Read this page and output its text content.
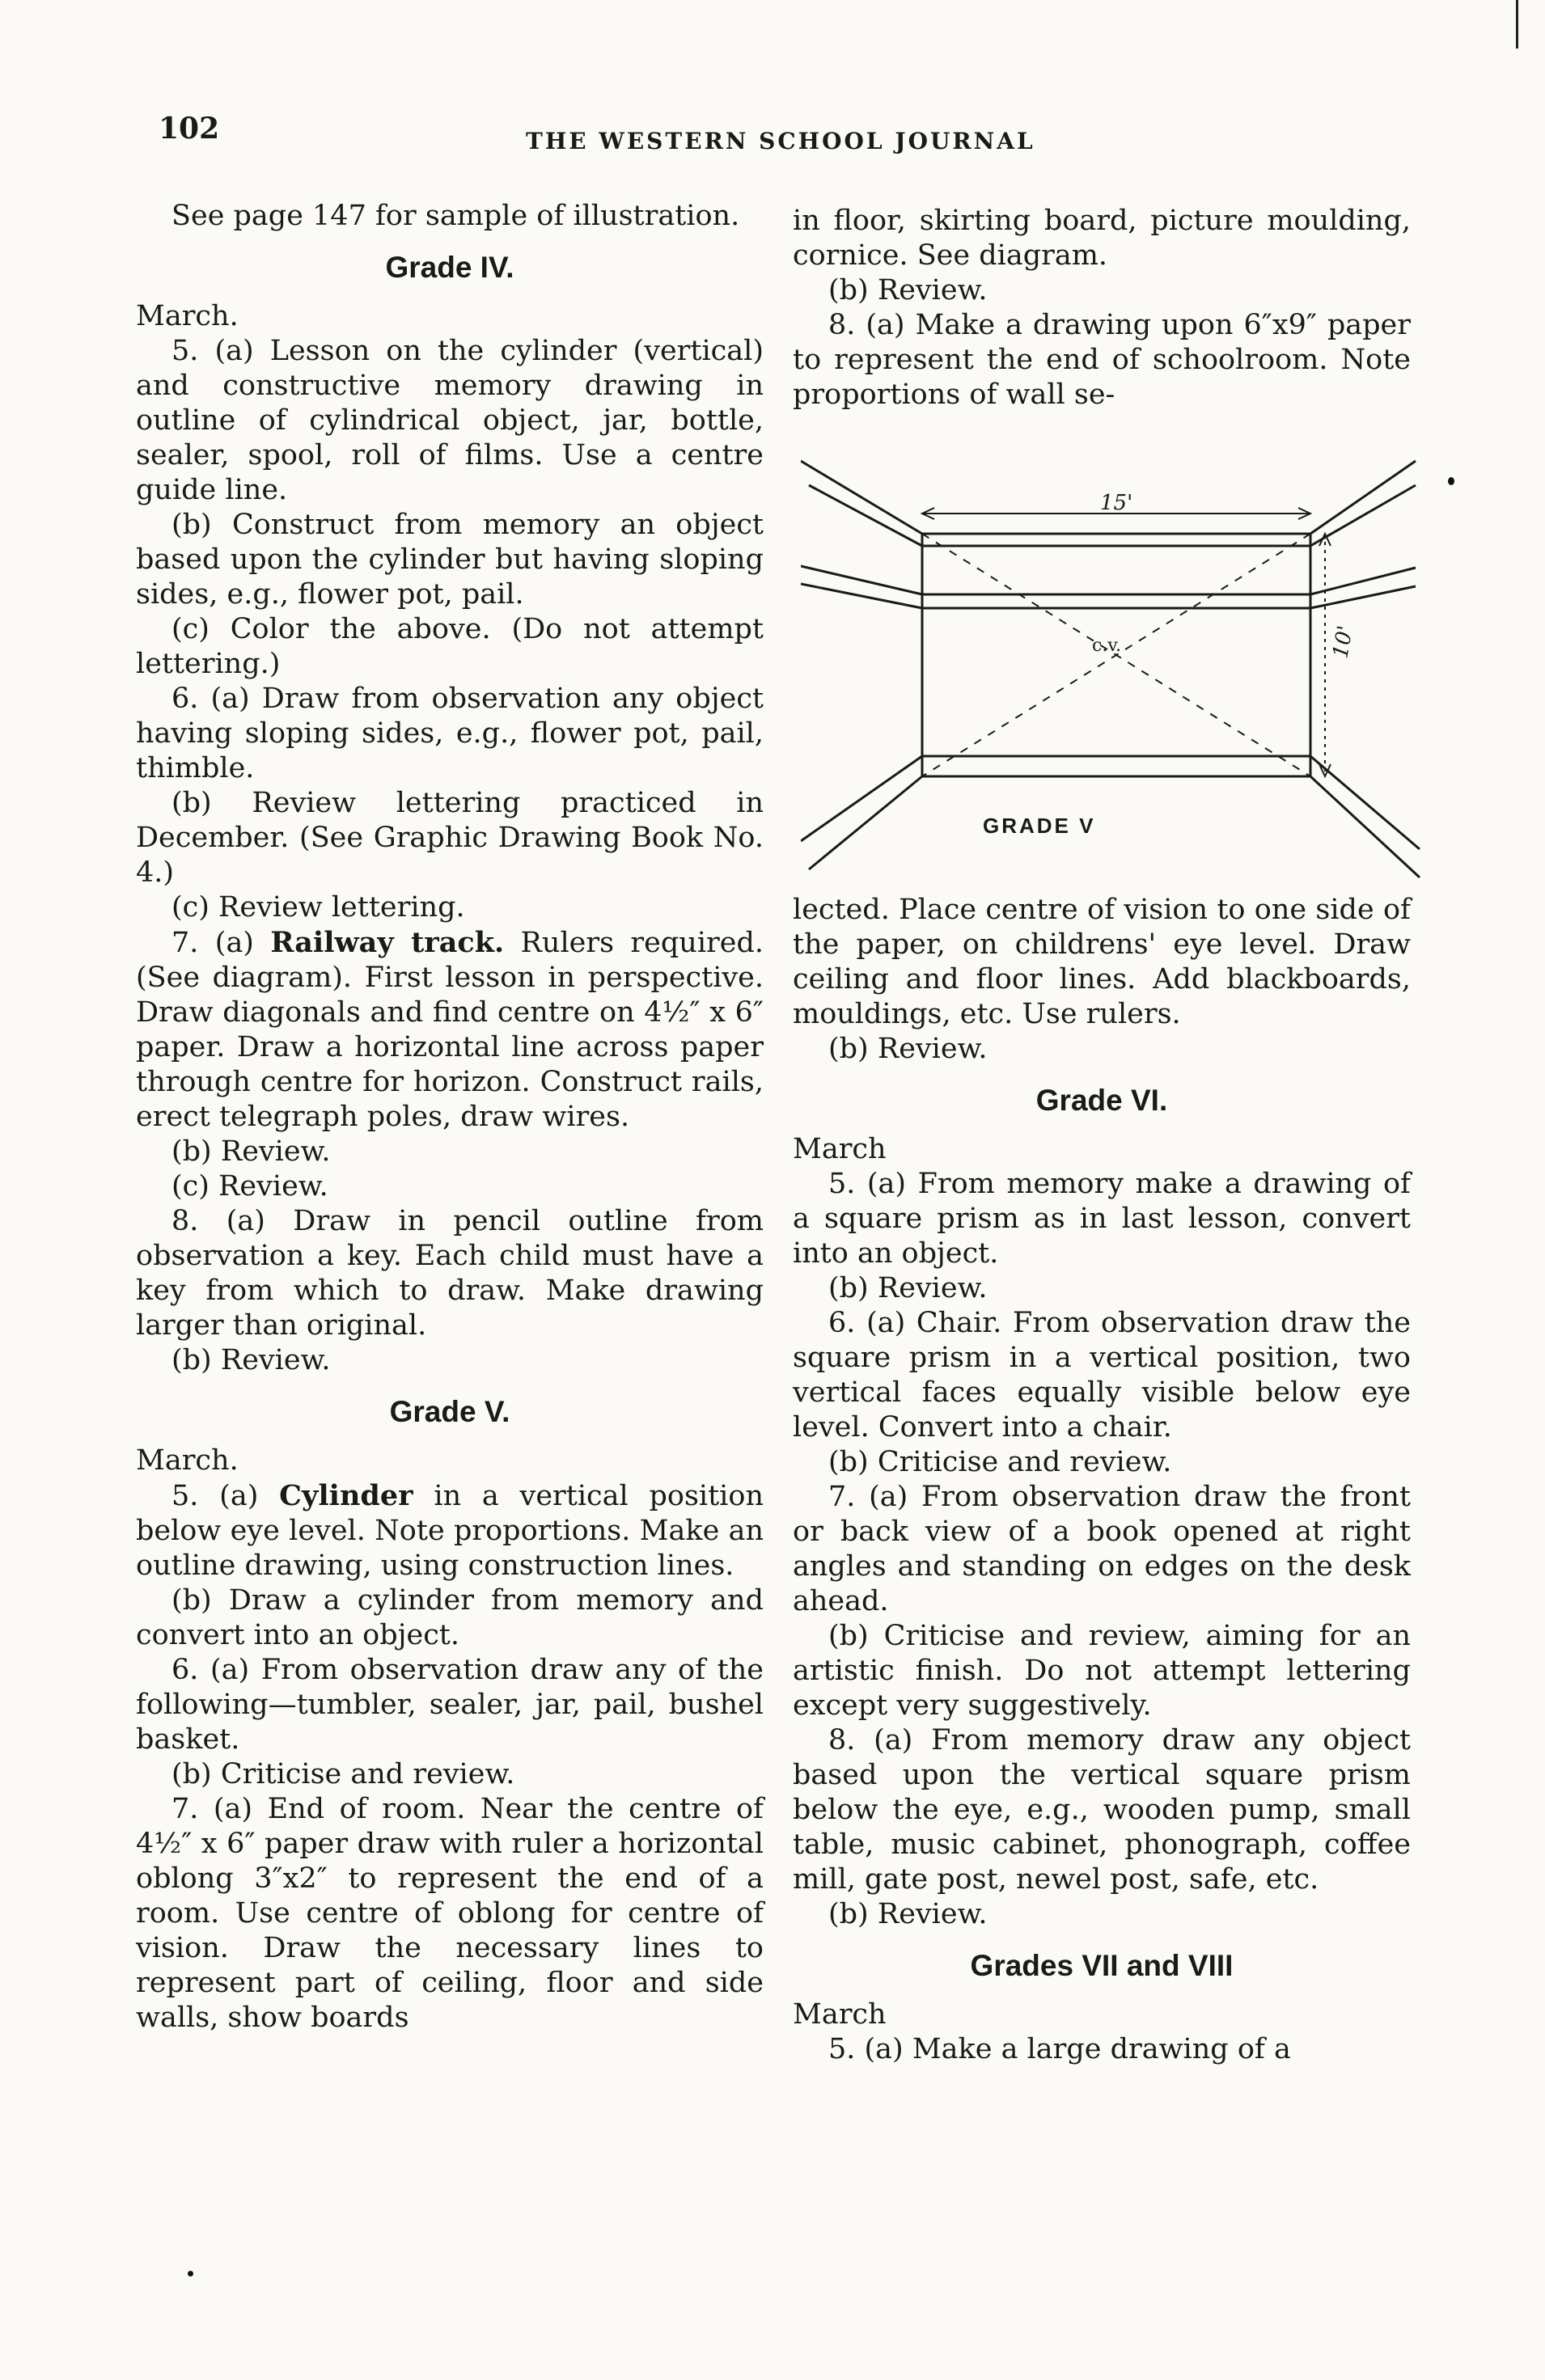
102	THE WESTERN SCHOOL JOURNAL

See page 147 for sample of illustration.

Grade IV.

March.

5. (a) Lesson on the cylinder (vertical) and constructive memory drawing in outline of cylindrical object, jar, bottle, sealer, spool, roll of films. Use a centre guide line.

(b) Construct from memory an object based upon the cylinder but having sloping sides, e.g., flower pot, pail.

(c) Color the above. (Do not attempt lettering.)

6. (a) Draw from observation any object having sloping sides, e.g., flower pot, pail, thimble.

(b) Review lettering practiced in December. (See Graphic Drawing Book No. 4.)

(c) Review lettering.

7. (a) Railway track. Rulers required. (See diagram). First lesson in perspective. Draw diagonals and find centre on 4½″ x 6″ paper. Draw a horizontal line across paper through centre for horizon. Construct rails, erect telegraph poles, draw wires.

(b) Review.

(c) Review.

8. (a) Draw in pencil outline from observation a key. Each child must have a key from which to draw. Make drawing larger than original.

(b) Review.

Grade V.

March.

5. (a) Cylinder in a vertical position below eye level. Note proportions. Make an outline drawing, using construction lines.

(b) Draw a cylinder from memory and convert into an object.

6. (a) From observation draw any of the following—tumbler, sealer, jar, pail, bushel basket.

(b) Criticise and review.

7. (a) End of room. Near the centre of 4½″ x 6″ paper draw with ruler a horizontal oblong 3″x2″ to represent the end of a room. Use centre of oblong for centre of vision. Draw the necessary lines to represent part of ceiling, floor and side walls, show boards

in floor, skirting board, picture moulding, cornice. See diagram.

(b) Review.

8. (a) Make a drawing upon 6″x9″ paper to represent the end of schoolroom. Note proportions of wall se-

15'
10'
c.v.
GRADE V

lected. Place centre of vision to one side of the paper, on childrens' eye level. Draw ceiling and floor lines. Add blackboards, mouldings, etc. Use rulers.

(b) Review.

Grade VI.

March

5. (a) From memory make a drawing of a square prism as in last lesson, convert into an object.

(b) Review.

6. (a) Chair. From observation draw the square prism in a vertical position, two vertical faces equally visible below eye level. Convert into a chair.

(b) Criticise and review.

7. (a) From observation draw the front or back view of a book opened at right angles and standing on edges on the desk ahead.

(b) Criticise and review, aiming for an artistic finish. Do not attempt lettering except very suggestively.

8. (a) From memory draw any object based upon the vertical square prism below the eye, e.g., wooden pump, small table, music cabinet, phonograph, coffee mill, gate post, newel post, safe, etc.

(b) Review.

Grades VII and VIII

March

5. (a) Make a large drawing of a
